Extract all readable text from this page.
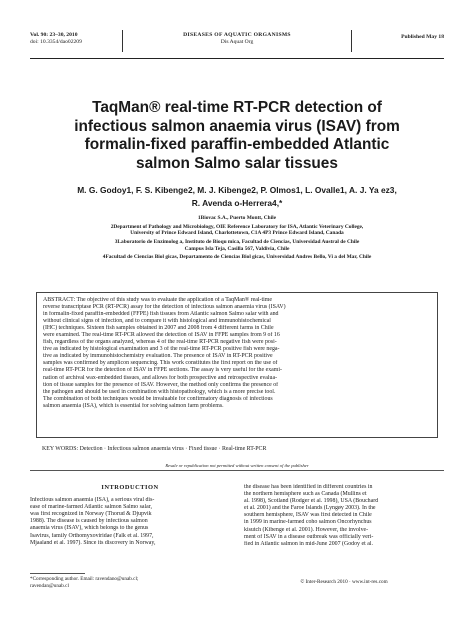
Vol. 90: 23–30, 2010
doi: 10.3354/dao02209
DISEASES OF AQUATIC ORGANISMS
Dis Aquat Org
Published May 18
TaqMan® real-time RT-PCR detection of
infectious salmon anaemia virus (ISAV) from
formalin-fixed paraffin-embedded Atlantic
salmon Salmo salar tissues
M. G. Godoy1, F. S. Kibenge2, M. J. Kibenge2, P. Olmos1, L. Ovalle1, A. J. Ya ez3,
R. Avenda o-Herrera4,*
1Biovac S.A., Puerto Montt, Chile
2Department of Pathology and Microbiology, OIE Reference Laboratory for ISA, Atlantic Veterinary College,
University of Prince Edward Island, Charlottetown, C1A 4P3 Prince Edward Island, Canada
3Laboratorio de Enzimolog a, Instituto de Bioqu mica, Facultad de Ciencias, Universidad Austral de Chile
Campus Isla Teja, Casilla 567, Valdivia, Chile
4Facultad de Ciencias Biol gicas, Departamento de Ciencias Biol gicas, Universidad Andres Bello, Vi a del Mar, Chile
ABSTRACT: The objective of this study was to evaluate the application of a TaqMan® real-time
reverse transcriptase PCR (RT-PCR) assay for the detection of infectious salmon anaemia virus (ISAV)
in formalin-fixed paraffin-embedded (FFPE) fish tissues from Atlantic salmon Salmo salar with and
without clinical signs of infection, and to compare it with histological and immunohistochemical
(IHC) techniques. Sixteen fish samples obtained in 2007 and 2008 from 4 different farms in Chile
were examined. The real-time RT-PCR allowed the detection of ISAV in FFPE samples from 9 of 16
fish, regardless of the organs analyzed, whereas 4 of the real-time RT-PCR negative fish were posi-
tive as indicated by histological examination and 3 of the real-time RT-PCR positive fish were nega-
tive as indicated by immunohistochemistry evaluation. The presence of ISAV in RT-PCR positive
samples was confirmed by amplicon sequencing. This work constitutes the first report on the use of
real-time RT-PCR for the detection of ISAV in FFPE sections. The assay is very useful for the exami-
nation of archival wax-embedded tissues, and allows for both prospective and retrospective evalua-
tion of tissue samples for the presence of ISAV. However, the method only confirms the presence of
the pathogen and should be used in combination with histopathology, which is a more precise tool.
The combination of both techniques would be invaluable for confirmatory diagnosis of infectious
salmon anaemia (ISA), which is essential for solving salmon farm problems.
KEY WORDS: Detection · Infectious salmon anaemia virus · Fixed tissue · Real-time RT-PCR
Resale or republication not permitted without written consent of the publisher
INTRODUCTION
Infectious salmon anaemia (ISA), a serious viral dis-
ease of marine-farmed Atlantic salmon Salmo salar,
was first recognized in Norway (Thorud & Djupvik
1988). The disease is caused by infectious salmon
anaemia virus (ISAV), which belongs to the genus
Isavirus, family Orthomyxoviridae (Falk et al. 1997,
Mjaaland et al. 1997). Since its discovery in Norway,
the disease has been identified in different countries in
the northern hemisphere such as Canada (Mullins et
al. 1998), Scotland (Rodger et al. 1998), USA (Bouchard
et al. 2001) and the Faroe Islands (Lyngøy 2003). In the
southern hemisphere, ISAV was first detected in Chile
in 1999 in marine-farmed coho salmon Oncorhynchus
kisutch (Kibenge et al. 2001). However, the involve-
ment of ISAV in a disease outbreak was officially veri-
fied in Atlantic salmon in mid-June 2007 (Godoy et al.
*Corresponding author. Email: ravendano@unab.cl;
ravendan@unab.cl
© Inter-Research 2010 · www.int-res.com
